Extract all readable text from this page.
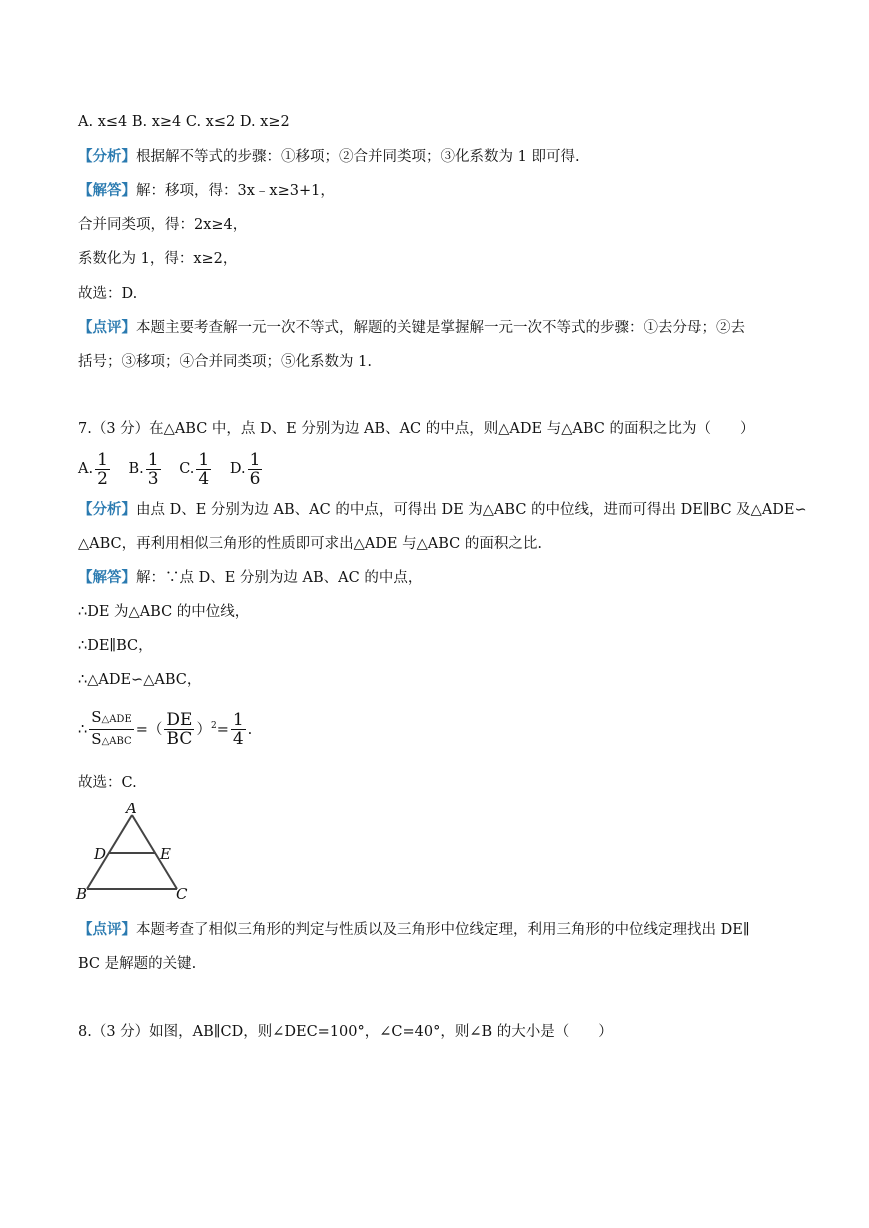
A. x≤4 B. x≥4 C. x≤2 D. x≥2
【分析】根据解不等式的步骤：①移项；②合并同类项；③化系数为 1 即可得.
【解答】解：移项，得：3x﹣x≥3+1，
合并同类项，得：2x≥4，
系数化为 1，得：x≥2，
故选：D.
【点评】本题主要考查解一元一次不等式，解题的关键是掌握解一元一次不等式的步骤：①去分母；②去
括号；③移项；④合并同类项；⑤化系数为 1.
7.（3 分）在△ABC 中，点 D、E 分别为边 AB、AC 的中点，则△ADE 与△ABC 的面积之比为（　　）
A. $\frac{1}{2} B$. $\frac{1}{3} C$. $\frac{1}{4} D$. $\frac{1}{6}$
【分析】由点 D、E 分别为边 AB、AC 的中点，可得出 DE 为△ABC 的中位线，进而可得出 DE∥BC 及△ADE∽
△ABC，再利用相似三角形的性质即可求出△ADE 与△ABC 的面积之比.
【解答】解：∵点 D、E 分别为边 AB、AC 的中点，
∴DE 为△ABC 的中位线，
∴DE∥BC，
∴△ADE∽△ABC，
∴ $\frac{\text{S△ADE}}{\text{S△ABC}}$ =（ $\frac{DE}{BC} )^2= \frac{1}{4}$ .
故选：C.
A
D	E
B	C
【点评】本题考查了相似三角形的判定与性质以及三角形中位线定理，利用三角形的中位线定理找出 DE∥
BC 是解题的关键.
8.（3 分）如图，AB∥CD，则∠DEC=100°，∠C=40°，则∠B 的大小是（　　）
